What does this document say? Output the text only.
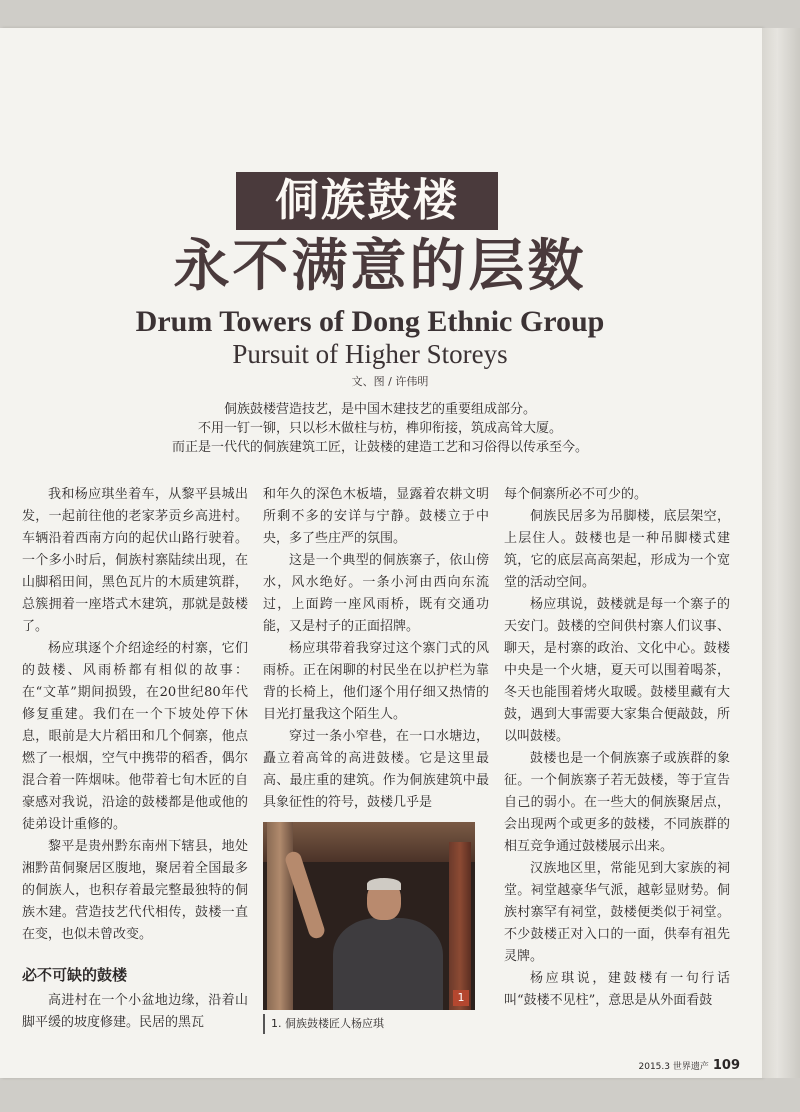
侗族鼓楼
永不满意的层数
Drum Towers of Dong Ethnic Group
Pursuit of Higher Storeys
文、图 / 许伟明
侗族鼓楼营造技艺，是中国木建技艺的重要组成部分。
不用一钉一铆，只以杉木做柱与枋，榫卯衔接，筑成高耸大厦。
而正是一代代的侗族建筑工匠，让鼓楼的建造工艺和习俗得以传承至今。

我和杨应琪坐着车，从黎平县城出发，一起前往他的老家茅贡乡高进村。车辆沿着西南方向的起伏山路行驶着。一个多小时后，侗族村寨陆续出现，在山脚稻田间，黑色瓦片的木质建筑群，总簇拥着一座塔式木建筑，那就是鼓楼了。

杨应琪逐个介绍途经的村寨，它们的鼓楼、风雨桥都有相似的故事：在“文革”期间损毁，在20世纪80年代修复重建。我们在一个下坡处停下休息，眼前是大片稻田和几个侗寨，他点燃了一根烟，空气中携带的稻香，偶尔混合着一阵烟味。他带着七旬木匠的自豪感对我说，沿途的鼓楼都是他或他的徒弟设计重修的。

黎平是贵州黔东南州下辖县，地处湘黔苗侗聚居区腹地，聚居着全国最多的侗族人，也积存着最完整最独特的侗族木建。营造技艺代代相传，鼓楼一直在变，也似未曾改变。

必不可缺的鼓楼

高进村在一个小盆地边缘，沿着山脚平缓的坡度修建。民居的黑瓦

和年久的深色木板墙，显露着农耕文明所剩不多的安详与宁静。鼓楼立于中央，多了些庄严的氛围。

这是一个典型的侗族寨子，依山傍水，风水绝好。一条小河由西向东流过，上面跨一座风雨桥，既有交通功能，又是村子的正面招牌。

杨应琪带着我穿过这个寨门式的风雨桥。正在闲聊的村民坐在以护栏为靠背的长椅上，他们逐个用仔细又热情的目光打量我这个陌生人。

穿过一条小窄巷，在一口水塘边，矗立着高耸的高进鼓楼。它是这里最高、最庄重的建筑。作为侗族建筑中最具象征性的符号，鼓楼几乎是

1
1. 侗族鼓楼匠人杨应琪

每个侗寨所必不可少的。

侗族民居多为吊脚楼，底层架空，上层住人。鼓楼也是一种吊脚楼式建筑，它的底层高高架起，形成为一个宽堂的活动空间。

杨应琪说，鼓楼就是每一个寨子的天安门。鼓楼的空间供村寨人们议事、聊天，是村寨的政治、文化中心。鼓楼中央是一个火塘，夏天可以围着喝茶，冬天也能围着烤火取暖。鼓楼里藏有大鼓，遇到大事需要大家集合便敲鼓，所以叫鼓楼。

鼓楼也是一个侗族寨子或族群的象征。一个侗族寨子若无鼓楼，等于宣告自己的弱小。在一些大的侗族聚居点，会出现两个或更多的鼓楼，不同族群的相互竞争通过鼓楼展示出来。

汉族地区里，常能见到大家族的祠堂。祠堂越豪华气派，越彰显财势。侗族村寨罕有祠堂，鼓楼便类似于祠堂。不少鼓楼正对入口的一面，供奉有祖先灵牌。

杨应琪说，建鼓楼有一句行话叫“鼓楼不见柱”，意思是从外面看鼓

2015.3 世界遗产 109
